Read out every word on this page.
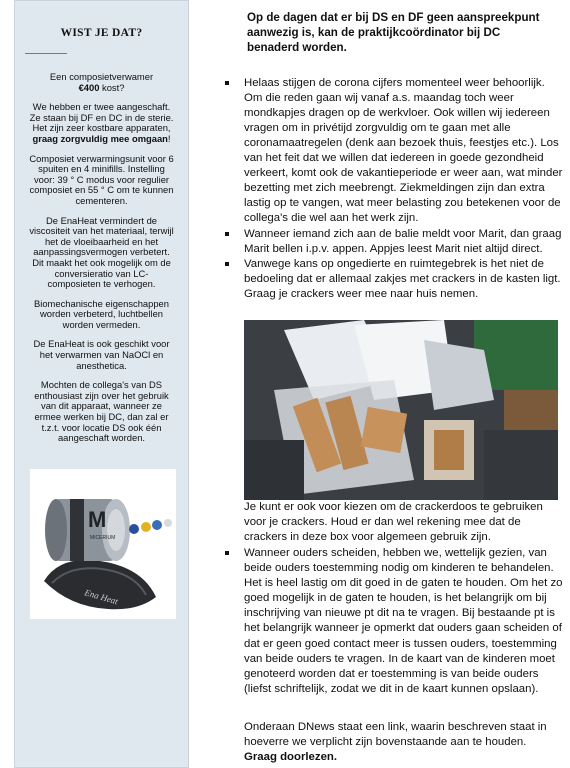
WIST JE DAT?

Een composietverwamer
€400 kost?

We hebben er twee aangeschaft. Ze staan bij DF en DC in de sterie. Het zijn zeer kostbare apparaten, graag zorgvuldig mee omgaan!

Composiet verwarmingsunit voor 6 spuiten en 4 minifills. Instelling voor: 39 ° C modus voor regulier composiet en 55 ° C om te kunnen cementeren.

De EnaHeat vermindert de viscositeit van het materiaal, terwijl het de vloeibaarheid en het aanpassingsvermogen verbetert. Dit maakt het ook mogelijk om de conversieratio van LC-composieten te verhogen.

Biomechanische eigenschappen worden verbeterd, luchtbellen worden vermeden.

De EnaHeat is ook geschikt voor het verwarmen van NaOCl en anesthetica.

Mochten de collega's van DS enthousiast zijn over het gebruik van dit apparaat, wanneer ze ermee werken bij DC, dan zal er t.z.t. voor locatie DS ook één aangeschaft worden.

Ena Heat
M
MICERIUM
Op de dagen dat er bij DS en DF geen aanspreekpunt aanwezig is, kan de praktijkcoördinator bij DC benaderd worden.
Helaas stijgen de corona cijfers momenteel weer behoorlijk. Om die reden gaan wij vanaf a.s. maandag toch weer mondkapjes dragen op de werkvloer. Ook willen wij iedereen vragen om in privétijd zorgvuldig om te gaan met alle coronamaatregelen (denk aan bezoek thuis, feestjes etc.). Los van het feit dat we willen dat iedereen in goede gezondheid verkeert, komt ook de vakantieperiode er weer aan, wat minder bezetting met zich meebrengt. Ziekmeldingen zijn dan extra lastig op te vangen, wat meer belasting zou betekenen voor de collega's die wel aan het werk zijn.
Wanneer iemand zich aan de balie meldt voor Marit, dan graag Marit bellen i.p.v. appen. Appjes leest Marit niet altijd direct.
Vanwege kans op ongedierte en ruimtegebrek is het niet de bedoeling dat er allemaal zakjes met crackers in de kasten ligt. Graag je crackers weer mee naar huis nemen.
Je kunt er ook voor kiezen om de crackerdoos te gebruiken voor je crackers. Houd er dan wel rekening mee dat de crackers in deze box voor algemeen gebruik zijn.
Wanneer ouders scheiden, hebben we, wettelijk gezien, van beide ouders toestemming nodig om kinderen te behandelen. Het is heel lastig om dit goed in de gaten te houden. Om het zo goed mogelijk in de gaten te houden, is het belangrijk om bij inschrijving van nieuwe pt dit na te vragen. Bij bestaande pt is het belangrijk wanneer je opmerkt dat ouders gaan scheiden of dat er geen goed contact meer is tussen ouders, toestemming van beide ouders te vragen. In de kaart van de kinderen moet genoteerd worden dat er toestemming is van beide ouders (liefst schriftelijk, zodat we dit in de kaart kunnen opslaan).
Onderaan DNews staat een link, waarin beschreven staat in hoeverre we verplicht zijn bovenstaande aan te houden.
Graag doorlezen.
